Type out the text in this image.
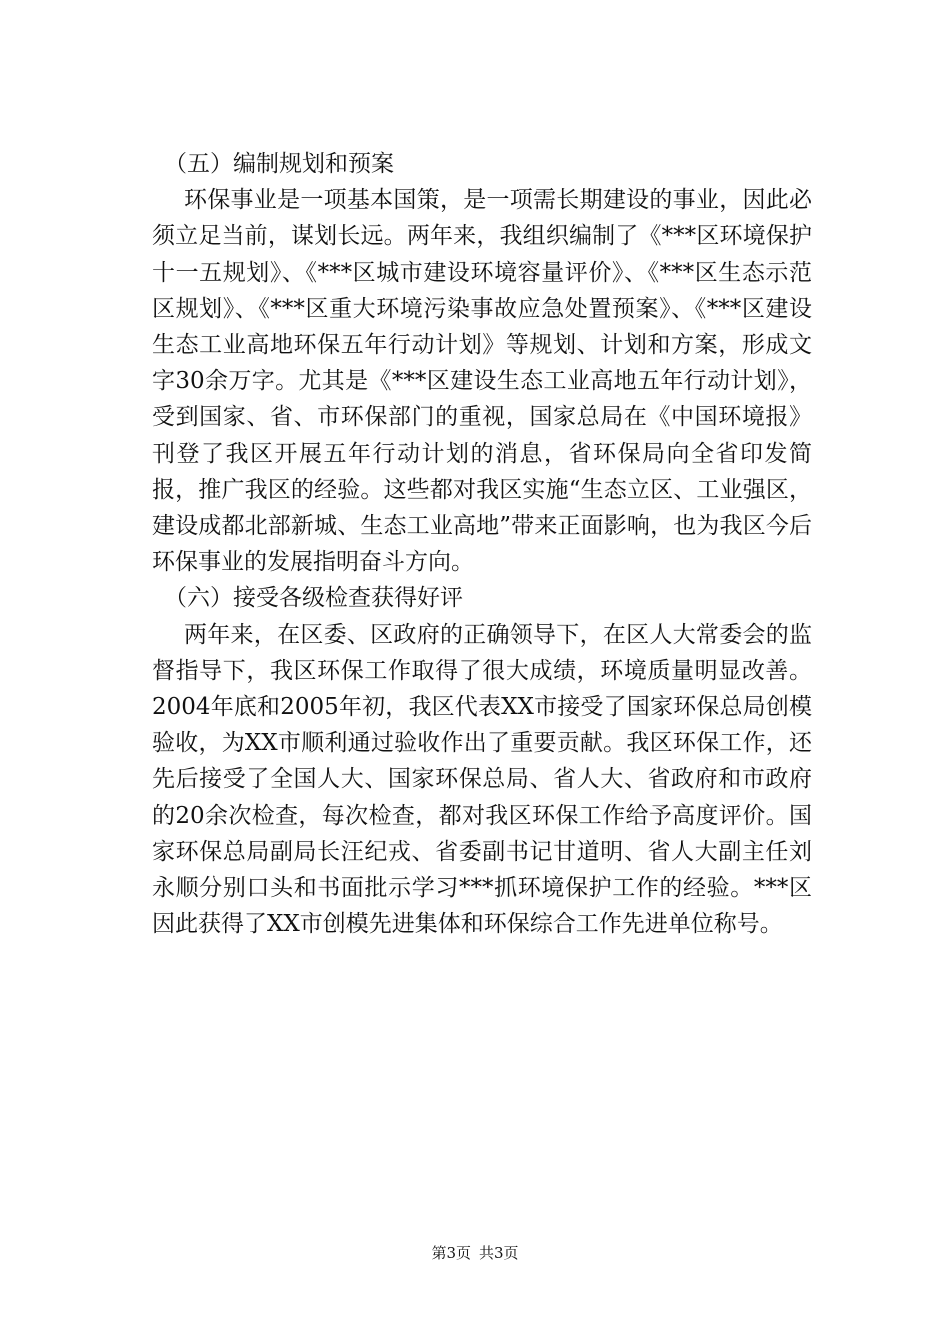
（五）编制规划和预案

环保事业是一项基本国策，是一项需长期建设的事业，因此必须立足当前，谋划长远。两年来，我组织编制了《***区环境保护十一五规划》、《***区城市建设环境容量评价》、《***区生态示范区规划》、《***区重大环境污染事故应急处置预案》、《***区建设生态工业高地环保五年行动计划》等规划、计划和方案，形成文字30余万字。尤其是《***区建设生态工业高地五年行动计划》，受到国家、省、市环保部门的重视，国家总局在《中国环境报》刊登了我区开展五年行动计划的消息，省环保局向全省印发简报，推广我区的经验。这些都对我区实施“生态立区、工业强区，建设成都北部新城、生态工业高地”带来正面影响，也为我区今后环保事业的发展指明奋斗方向。

（六）接受各级检查获得好评

两年来，在区委、区政府的正确领导下，在区人大常委会的监督指导下，我区环保工作取得了很大成绩，环境质量明显改善。2004年底和2005年初，我区代表XX市接受了国家环保总局创模验收，为XX市顺利通过验收作出了重要贡献。我区环保工作，还先后接受了全国人大、国家环保总局、省人大、省政府和市政府的20余次检查，每次检查，都对我区环保工作给予高度评价。国家环保总局副局长汪纪戎、省委副书记甘道明、省人大副主任刘永顺分别口头和书面批示学习***抓环境保护工作的经验。***区因此获得了XX市创模先进集体和环保综合工作先进单位称号。

第3页 共3页
